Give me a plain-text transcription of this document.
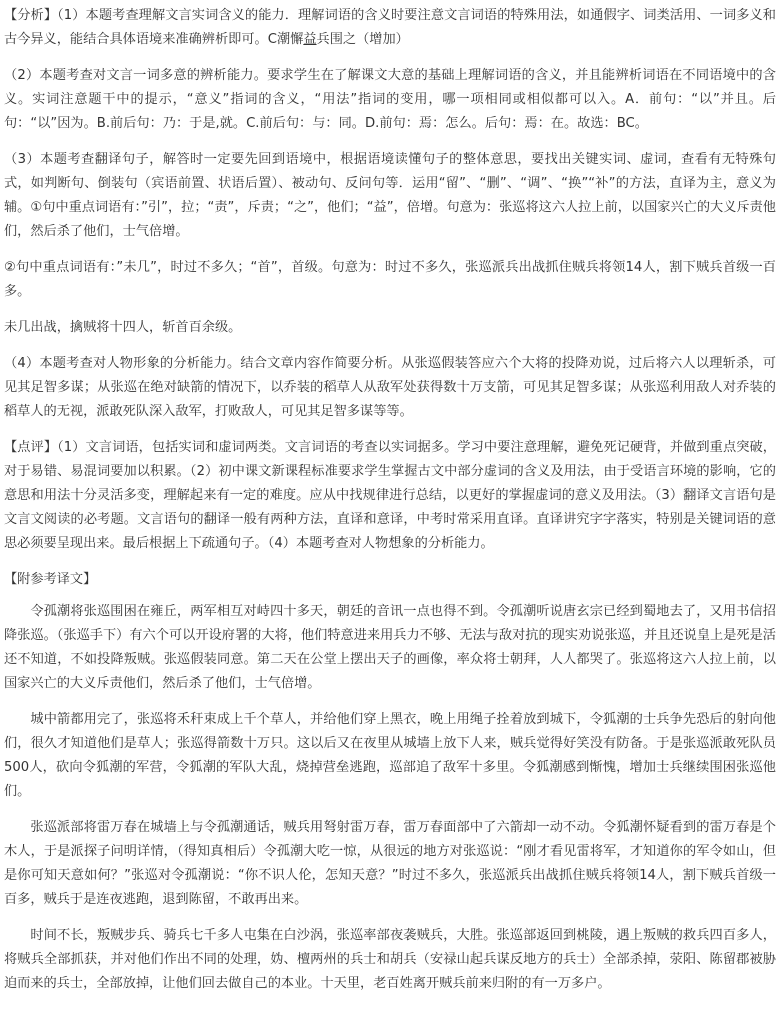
【分析】（1）本题考查理解文言实词含义的能力．理解词语的含义时要注意文言词语的特殊用法，如通假字、词类活用、一词多义和古今异义，能结合具体语境来准确辨析即可。C潮懈益兵围之（增加）

（2）本题考查对文言一词多意的辨析能力。要求学生在了解课文大意的基础上理解词语的含义，并且能辨析词语在不同语境中的含义。实词注意题干中的提示，“意义”指词的含义，“用法”指词的变用，哪一项相同或相似都可以入。A．前句：“以”并且。后句：“以”因为。B.前后句：乃：于是,就。C.前后句：与：同。D.前句：焉：怎么。后句：焉：在。故选：BC。

（3）本题考查翻译句子，解答时一定要先回到语境中，根据语境读懂句子的整体意思，要找出关键实词、虚词，查看有无特殊句式，如判断句、倒装句（宾语前置、状语后置）、被动句、反问句等．运用“留”、“删”、“调”、“换”“补”的方法，直译为主，意义为辅。①句中重点词语有：”引”，拉；“责”，斥责；“之”，他们；“益”，倍增。句意为：张巡将这六人拉上前，以国家兴亡的大义斥责他们，然后杀了他们，士气倍增。

②句中重点词语有：”未几”，时过不多久；“首”，首级。句意为：时过不多久，张巡派兵出战抓住贼兵将领14人，割下贼兵首级一百多。

未几出战，擒贼将十四人，斩首百余级。

（4）本题考查对人物形象的分析能力。结合文章内容作简要分析。从张巡假装答应六个大将的投降劝说，过后将六人以理斩杀，可见其足智多谋；从张巡在绝对缺箭的情况下，以乔装的稻草人从敌军处获得数十万支箭，可见其足智多谋；从张巡利用敌人对乔装的稻草人的无视，派敢死队深入敌军，打败敌人，可见其足智多谋等等。

【点评】（1）文言词语，包括实词和虚词两类。文言词语的考查以实词据多。学习中要注意理解，避免死记硬背，并做到重点突破，对于易错、易混词要加以积累。（2）初中课文新课程标准要求学生掌握古文中部分虚词的含义及用法，由于受语言环境的影响，它的意思和用法十分灵活多变，理解起来有一定的难度。应从中找规律进行总结，以更好的掌握虚词的意义及用法。（3）翻译文言语句是文言文阅读的必考题。文言语句的翻译一般有两种方法，直译和意译，中考时常采用直译。直译讲究字字落实，特别是关键词语的意思必须要呈现出来。最后根据上下疏通句子。（4）本题考查对人物想象的分析能力。

【附参考译文】

令孤潮将张巡围困在雍丘，两军相互对峙四十多天，朝廷的音讯一点也得不到。令孤潮听说唐玄宗已经到蜀地去了，又用书信招降张巡。（张巡手下）有六个可以开设府署的大将，他们特意进来用兵力不够、无法与敌对抗的现实劝说张巡，并且还说皇上是死是活还不知道，不如投降叛贼。张巡假装同意。第二天在公堂上摆出天子的画像，率众将士朝拜，人人都哭了。张巡将这六人拉上前，以国家兴亡的大义斥责他们，然后杀了他们，士气倍增。

城中箭都用完了，张巡将禾秆束成上千个草人，并给他们穿上黑衣，晚上用绳子拴着放到城下，令狐潮的士兵争先恐后的射向他们，很久才知道他们是草人；张巡得箭数十万只。这以后又在夜里从城墙上放下人来，贼兵觉得好笑没有防备。于是张巡派敢死队员500人，砍向令狐潮的军营，令狐潮的军队大乱，烧掉营垒逃跑，巡部追了敌军十多里。令狐潮感到惭愧，增加士兵继续围困张巡他们。

张巡派部将雷万春在城墙上与令孤潮通话，贼兵用弩射雷万春，雷万春面部中了六箭却一动不动。令狐潮怀疑看到的雷万春是个木人，于是派探子问明详情，（得知真相后）令孤潮大吃一惊，从很远的地方对张巡说：“刚才看见雷将军，才知道你的军令如山，但是你可知天意如何？”张巡对令孤潮说：“你不识人伦，怎知天意？”时过不多久，张巡派兵出战抓住贼兵将领14人，割下贼兵首级一百多，贼兵于是连夜逃跑，退到陈留，不敢再出来。

时间不长，叛贼步兵、骑兵七千多人屯集在白沙涡，张巡率部夜袭贼兵，大胜。张巡部返回到桃陵，遇上叛贼的救兵四百多人，将贼兵全部抓获，并对他们作出不同的处理，妫、檀两州的兵士和胡兵（安禄山起兵谋反地方的兵士）全部杀掉，荥阳、陈留郡被胁迫而来的兵士，全部放掉，让他们回去做自己的本业。十天里，老百姓离开贼兵前来归附的有一万多户。
